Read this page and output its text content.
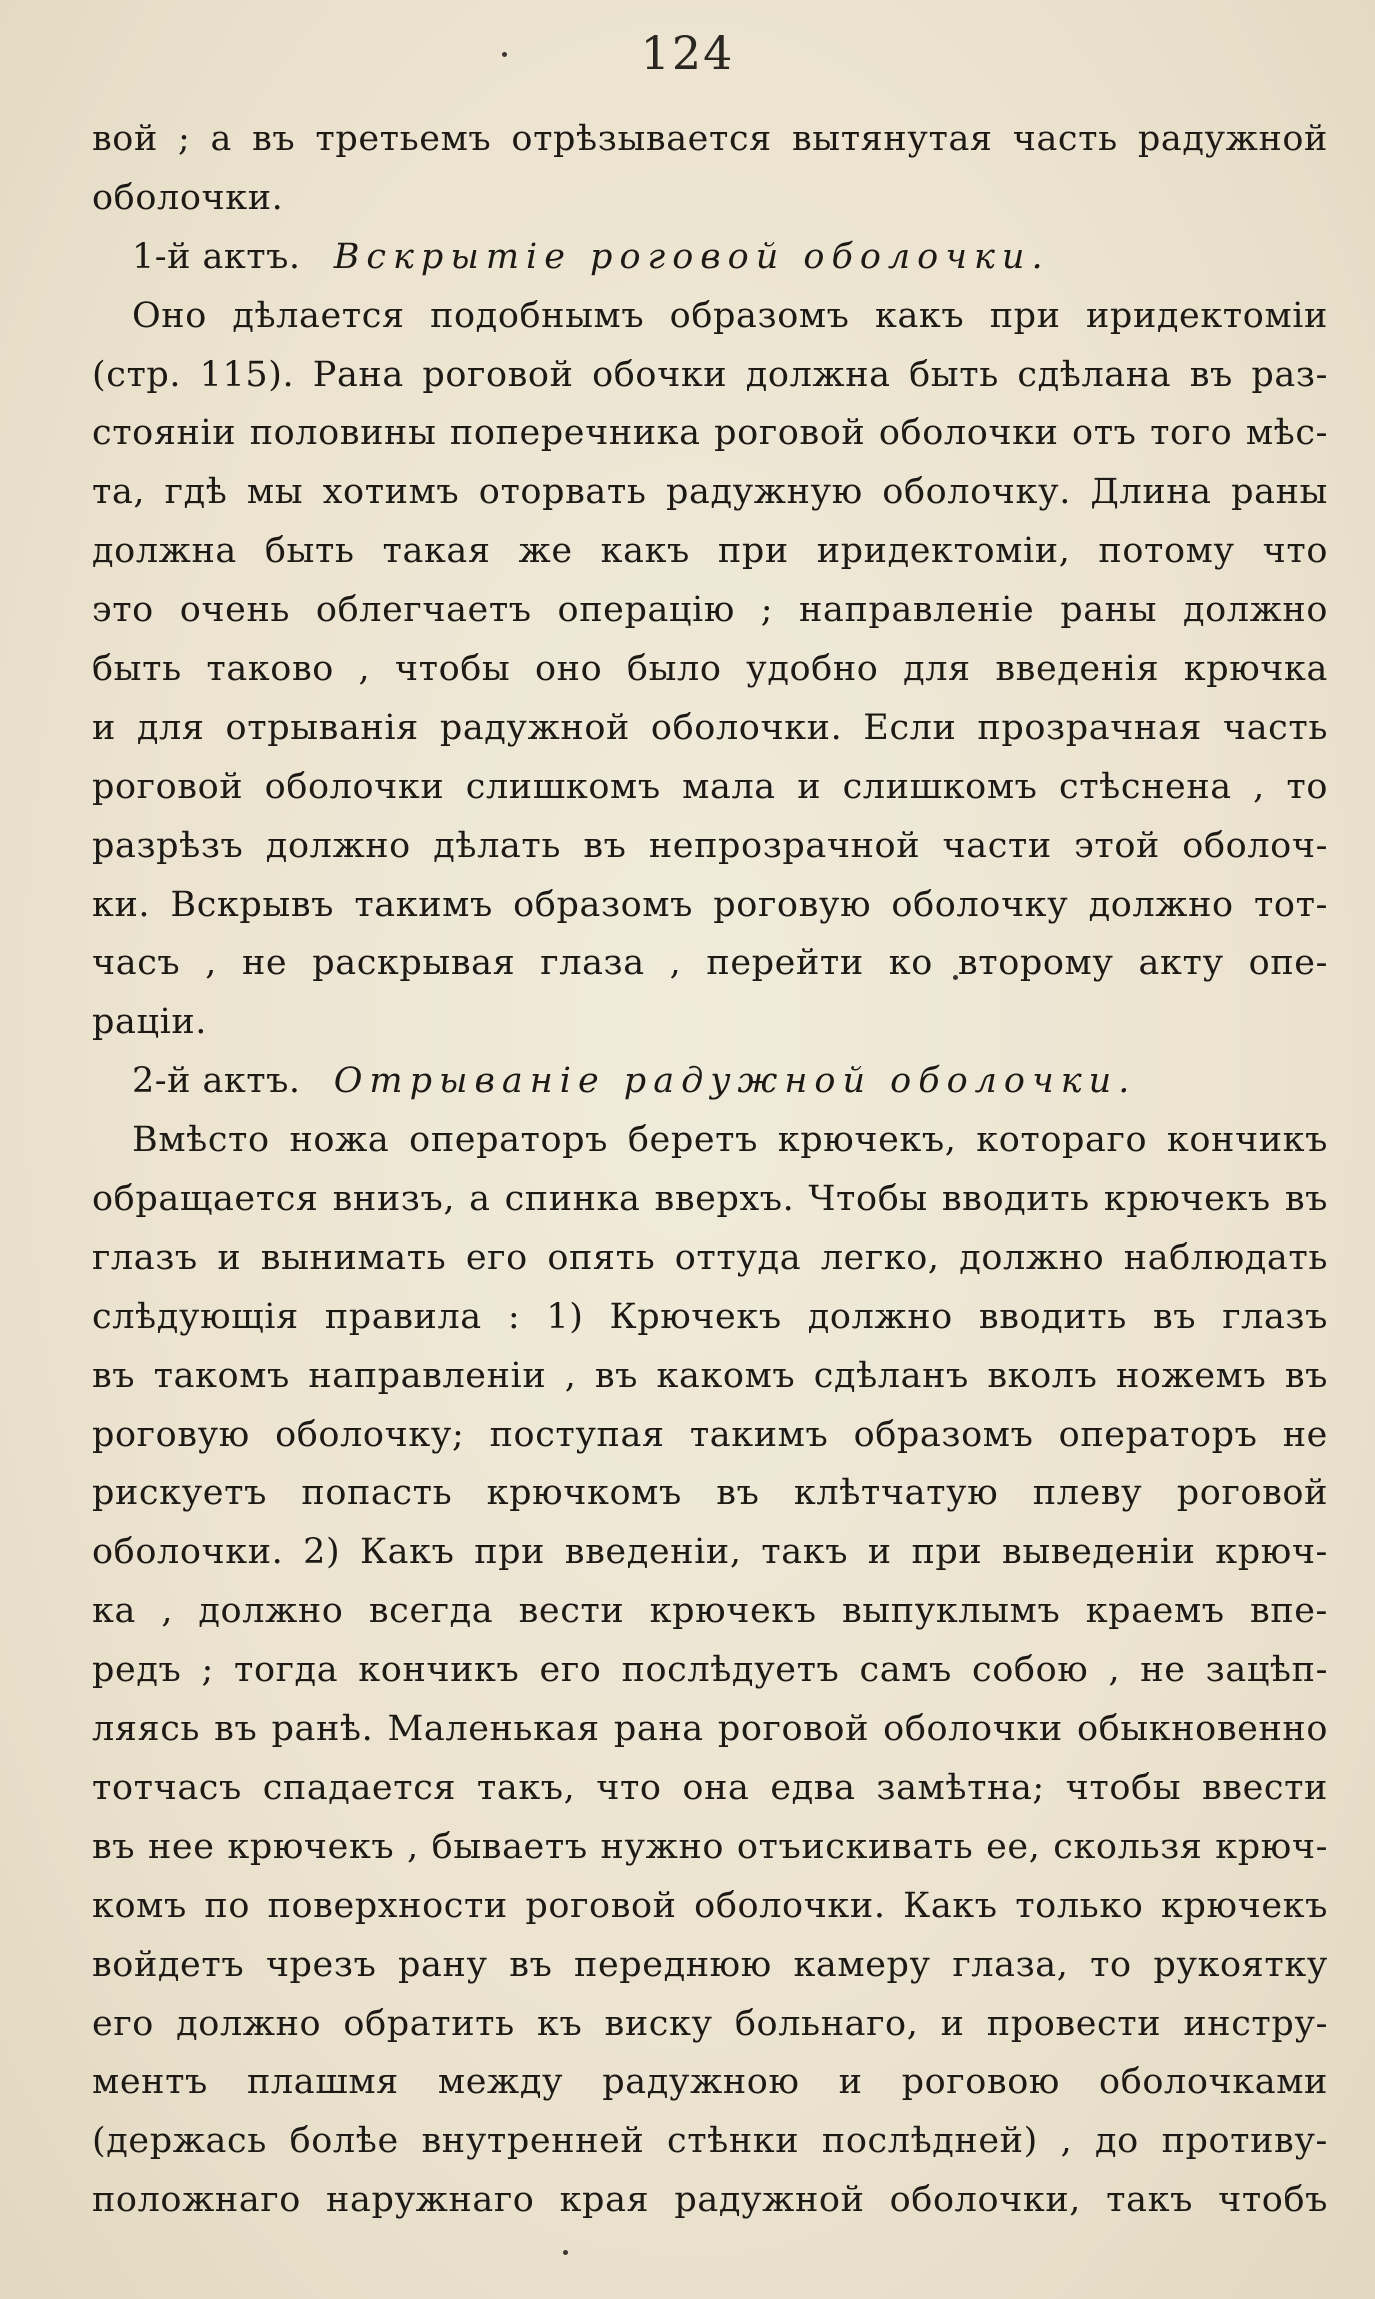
124
вой ; а въ третьемъ отрѣзывается вытянутая часть радужной
оболочки.
1-й актъ. Вскрытіе роговой оболочки.
Оно дѣлается подобнымъ образомъ какъ при иридектоміи
(стр. 115). Рана роговой обочки должна быть сдѣлана въ раз-
стояніи половины поперечника роговой оболочки отъ того мѣс-
та, гдѣ мы хотимъ оторвать радужную оболочку. Длина раны
должна быть такая же какъ при иридектоміи, потому что
это очень облегчаетъ операцію ; направленіе раны должно
быть таково , чтобы оно было удобно для введенія крючка
и для отрыванія радужной оболочки. Если прозрачная часть
роговой оболочки слишкомъ мала и слишкомъ стѣснена , то
разрѣзъ должно дѣлать въ непрозрачной части этой оболоч-
ки. Вскрывъ такимъ образомъ роговую оболочку должно тот-
часъ , не раскрывая глаза , перейти ко второму акту опе-
раціи.
2-й актъ. Отрываніе радужной оболочки.
Вмѣсто ножа операторъ беретъ крючекъ, котораго кончикъ
обращается внизъ, а спинка вверхъ. Чтобы вводить крючекъ въ
глазъ и вынимать его опять оттуда легко, должно наблюдать
слѣдующія правила : 1) Крючекъ должно вводить въ глазъ
въ такомъ направленіи , въ какомъ сдѣланъ вколъ ножемъ въ
роговую оболочку; поступая такимъ образомъ операторъ не
рискуетъ попасть крючкомъ въ клѣтчатую плеву роговой
оболочки. 2) Какъ при введеніи, такъ и при выведеніи крюч-
ка , должно всегда вести крючекъ выпуклымъ краемъ впе-
редъ ; тогда кончикъ его послѣдуетъ самъ собою , не зацѣп-
ляясь въ ранѣ. Маленькая рана роговой оболочки обыкновенно
тотчасъ спадается такъ, что она едва замѣтна; чтобы ввести
въ нее крючекъ , бываетъ нужно отъискивать ее, скользя крюч-
комъ по поверхности роговой оболочки. Какъ только крючекъ
войдетъ чрезъ рану въ переднюю камеру глаза, то рукоятку
его должно обратить къ виску больнаго, и провести инстру-
ментъ плашмя между радужною и роговою оболочками
(держась болѣе внутренней стѣнки послѣдней) , до противу-
положнаго наружнаго края радужной оболочки, такъ чтобъ
